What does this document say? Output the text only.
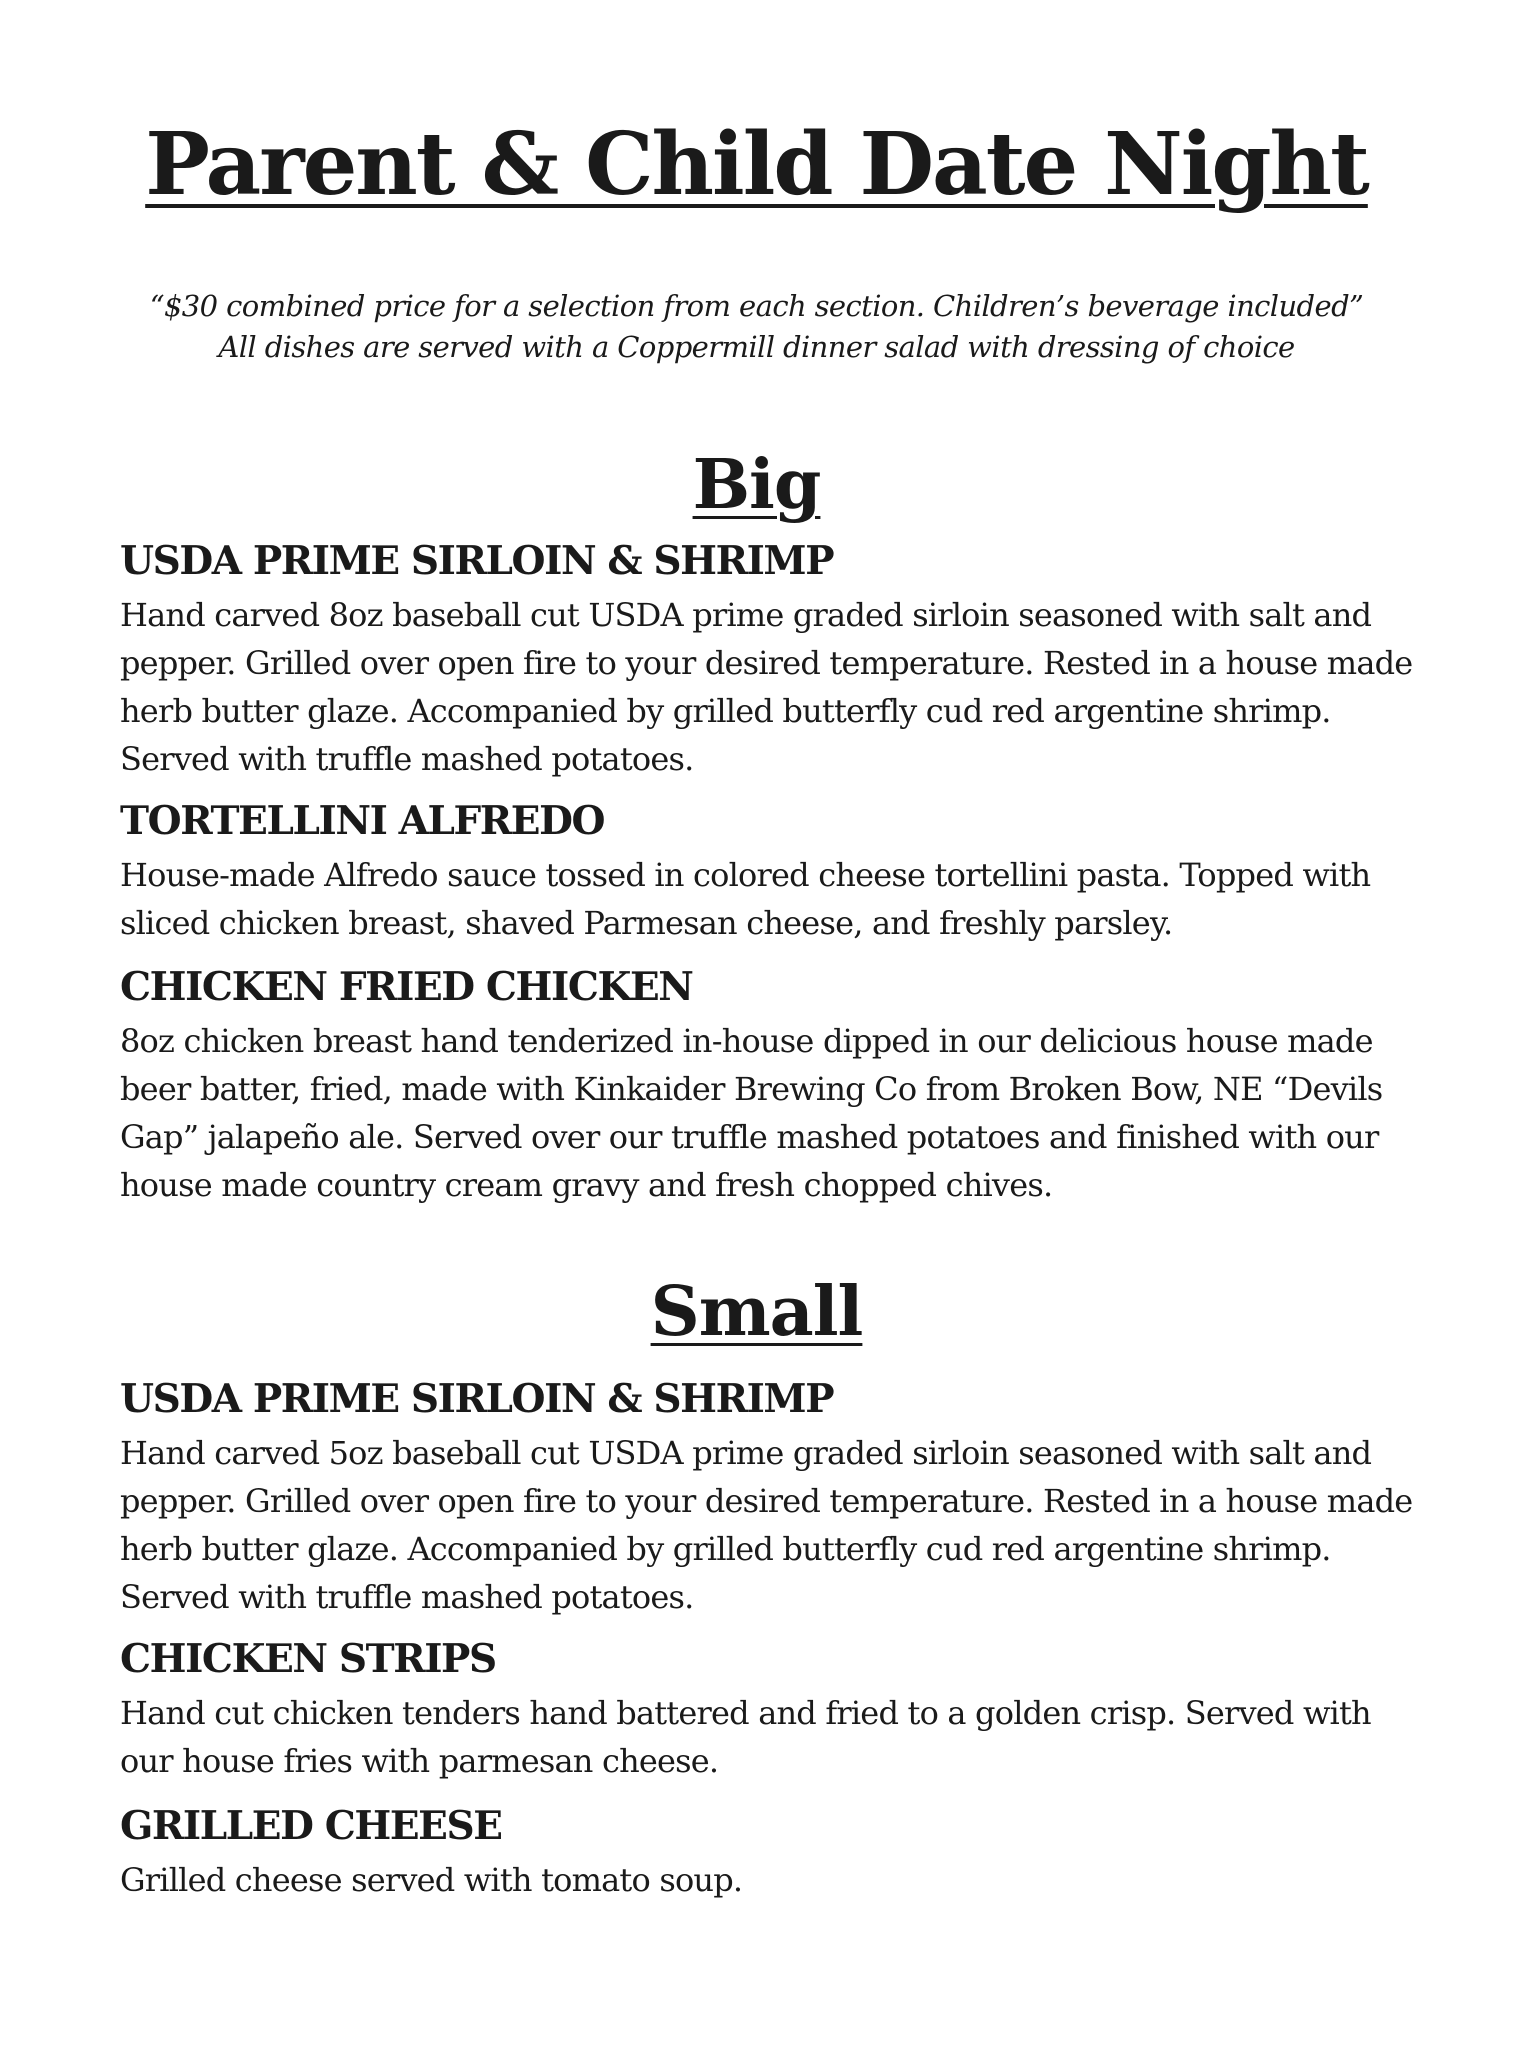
Parent & Child Date Night
“$30 combined price for a selection from each section. Children’s beverage included”
All dishes are served with a Coppermill dinner salad with dressing of choice
Big
USDA PRIME SIRLOIN & SHRIMP

Hand carved 8oz baseball cut USDA prime graded sirloin seasoned with salt and pepper. Grilled over open fire to your desired temperature. Rested in a house made herb butter glaze. Accompanied by grilled butterfly cud red argentine shrimp. Served with truffle mashed potatoes.

TORTELLINI ALFREDO

House-made Alfredo sauce tossed in colored cheese tortellini pasta. Topped with sliced chicken breast, shaved Parmesan cheese, and freshly parsley.

CHICKEN FRIED CHICKEN

8oz chicken breast hand tenderized in-house dipped in our delicious house made beer batter, fried, made with Kinkaider Brewing Co from Broken Bow, NE “Devils Gap” jalapeño ale. Served over our truffle mashed potatoes and finished with our house made country cream gravy and fresh chopped chives.

Small
USDA PRIME SIRLOIN & SHRIMP

Hand carved 5oz baseball cut USDA prime graded sirloin seasoned with salt and pepper. Grilled over open fire to your desired temperature. Rested in a house made herb butter glaze. Accompanied by grilled butterfly cud red argentine shrimp. Served with truffle mashed potatoes.

CHICKEN STRIPS

Hand cut chicken tenders hand battered and fried to a golden crisp. Served with our house fries with parmesan cheese.

GRILLED CHEESE

Grilled cheese served with tomato soup.
